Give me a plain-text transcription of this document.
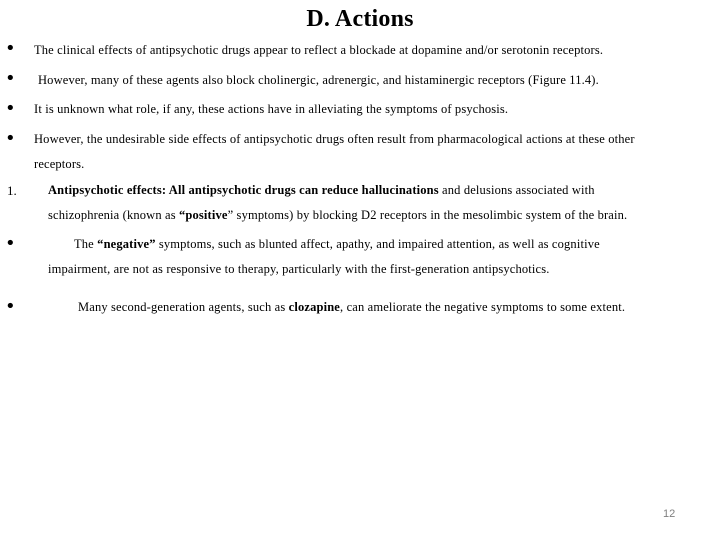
D. Actions
• The clinical effects of antipsychotic drugs appear to reflect a blockade at dopamine and/or serotonin receptors.
• However, many of these agents also block cholinergic, adrenergic, and histaminergic receptors (Figure 11.4).
• It is unknown what role, if any, these actions have in alleviating the symptoms of psychosis.
• However, the undesirable side effects of antipsychotic drugs often result from pharmacological actions at these other
receptors.
1.	Antipsychotic effects: All antipsychotic drugs can reduce hallucinations and delusions associated with
schizophrenia (known as “positive” symptoms) by blocking D2 receptors in the mesolimbic system of the brain.
•	The “negative” symptoms, such as blunted affect, apathy, and impaired attention, as well as cognitive
impairment, are not as responsive to therapy, particularly with the first-generation antipsychotics.
•	Many second-generation agents, such as clozapine, can ameliorate the negative symptoms to some extent.
12
